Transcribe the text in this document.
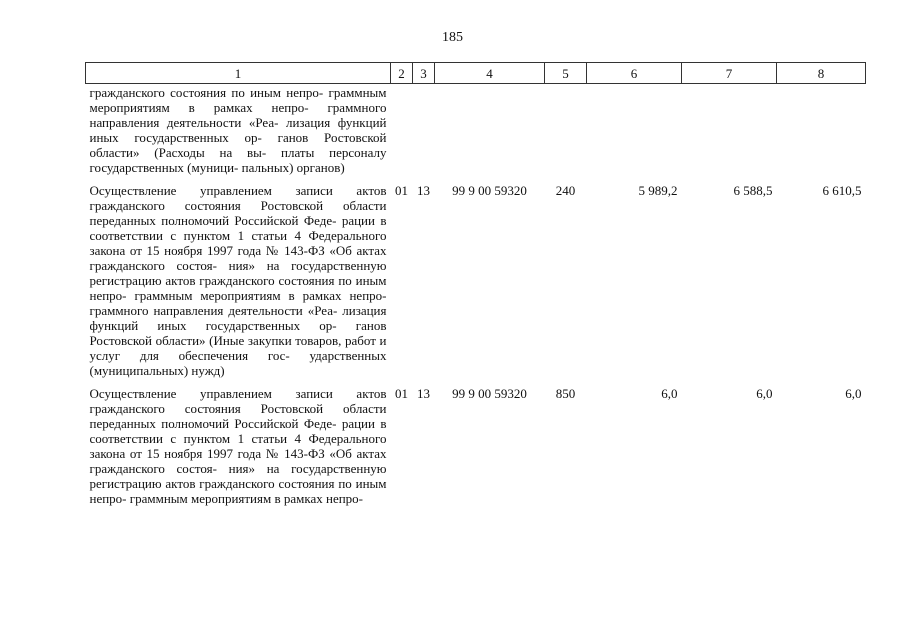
185
1	2	3	4	5	6	7	8
гражданского состояния по иным непро- граммным мероприятиям в рамках непро- граммного направления деятельности «Реа- лизация функций иных государственных ор- ганов Ростовской области» (Расходы на вы- платы персоналу государственных (муници- пальных) органов)							
Осуществление управлением записи актов гражданского состояния Ростовской области переданных полномочий Российской Феде- рации в соответствии с пунктом 1 статьи 4 Федерального закона от 15 ноября 1997 года № 143-ФЗ «Об актах гражданского состоя- ния» на государственную регистрацию актов гражданского состояния по иным непро- граммным мероприятиям в рамках непро- граммного направления деятельности «Реа- лизация функций иных государственных ор- ганов Ростовской области» (Иные закупки товаров, работ и услуг для обеспечения гос- ударственных (муниципальных) нужд)	01	13	99 9 00 59320	240	5 989,2	6 588,5	6 610,5
Осуществление управлением записи актов гражданского состояния Ростовской области переданных полномочий Российской Феде- рации в соответствии с пунктом 1 статьи 4 Федерального закона от 15 ноября 1997 года № 143-ФЗ «Об актах гражданского состоя- ния» на государственную регистрацию актов гражданского состояния по иным непро- граммным мероприятиям в рамках непро-	01	13	99 9 00 59320	850	6,0	6,0	6,0
